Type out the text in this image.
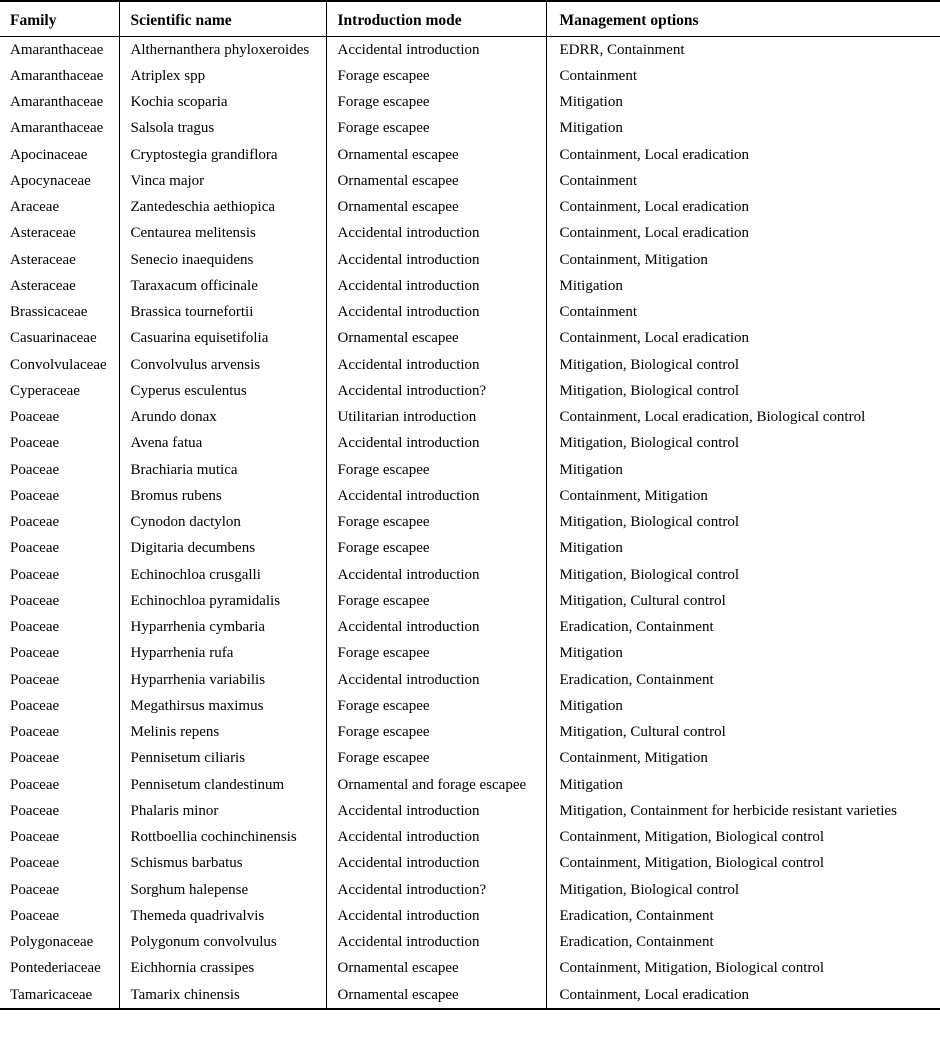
Family	Scientific name	Introduction mode	Management options

Amaranthaceae	Althernanthera phyloxeroides	Accidental introduction	EDRR, Containment

Amaranthaceae	Atriplex spp	Forage escapee	Containment

Amaranthaceae	Kochia scoparia	Forage escapee	Mitigation

Amaranthaceae	Salsola tragus	Forage escapee	Mitigation

Apocinaceae	Cryptostegia grandiflora	Ornamental escapee	Containment, Local eradication

Apocynaceae	Vinca major	Ornamental escapee	Containment

Araceae	Zantedeschia aethiopica	Ornamental escapee	Containment, Local eradication

Asteraceae	Centaurea melitensis	Accidental introduction	Containment, Local eradication

Asteraceae	Senecio inaequidens	Accidental introduction	Containment, Mitigation

Asteraceae	Taraxacum officinale	Accidental introduction	Mitigation

Brassicaceae	Brassica tournefortii	Accidental introduction	Containment

Casuarinaceae	Casuarina equisetifolia	Ornamental escapee	Containment, Local eradication

Convolvulaceae	Convolvulus arvensis	Accidental introduction	Mitigation, Biological control

Cyperaceae	Cyperus esculentus	Accidental introduction?	Mitigation, Biological control

Poaceae	Arundo donax	Utilitarian introduction	Containment, Local eradication, Biological control

Poaceae	Avena fatua	Accidental introduction	Mitigation, Biological control

Poaceae	Brachiaria mutica	Forage escapee	Mitigation

Poaceae	Bromus rubens	Accidental introduction	Containment, Mitigation

Poaceae	Cynodon dactylon	Forage escapee	Mitigation, Biological control

Poaceae	Digitaria decumbens	Forage escapee	Mitigation

Poaceae	Echinochloa crusgalli	Accidental introduction	Mitigation, Biological control

Poaceae	Echinochloa pyramidalis	Forage escapee	Mitigation, Cultural control

Poaceae	Hyparrhenia cymbaria	Accidental introduction	Eradication, Containment

Poaceae	Hyparrhenia rufa	Forage escapee	Mitigation

Poaceae	Hyparrhenia variabilis	Accidental introduction	Eradication, Containment

Poaceae	Megathirsus maximus	Forage escapee	Mitigation

Poaceae	Melinis repens	Forage escapee	Mitigation, Cultural control

Poaceae	Pennisetum ciliaris	Forage escapee	Containment, Mitigation

Poaceae	Pennisetum clandestinum	Ornamental and forage escapee	Mitigation

Poaceae	Phalaris minor	Accidental introduction	Mitigation, Containment for herbicide resistant varieties

Poaceae	Rottboellia cochinchinensis	Accidental introduction	Containment, Mitigation, Biological control

Poaceae	Schismus barbatus	Accidental introduction	Containment, Mitigation, Biological control

Poaceae	Sorghum halepense	Accidental introduction?	Mitigation, Biological control

Poaceae	Themeda quadrivalvis	Accidental introduction	Eradication, Containment

Polygonaceae	Polygonum convolvulus	Accidental introduction	Eradication, Containment

Pontederiaceae	Eichhornia crassipes	Ornamental escapee	Containment, Mitigation, Biological control

Tamaricaceae	Tamarix chinensis	Ornamental escapee	Containment, Local eradication
